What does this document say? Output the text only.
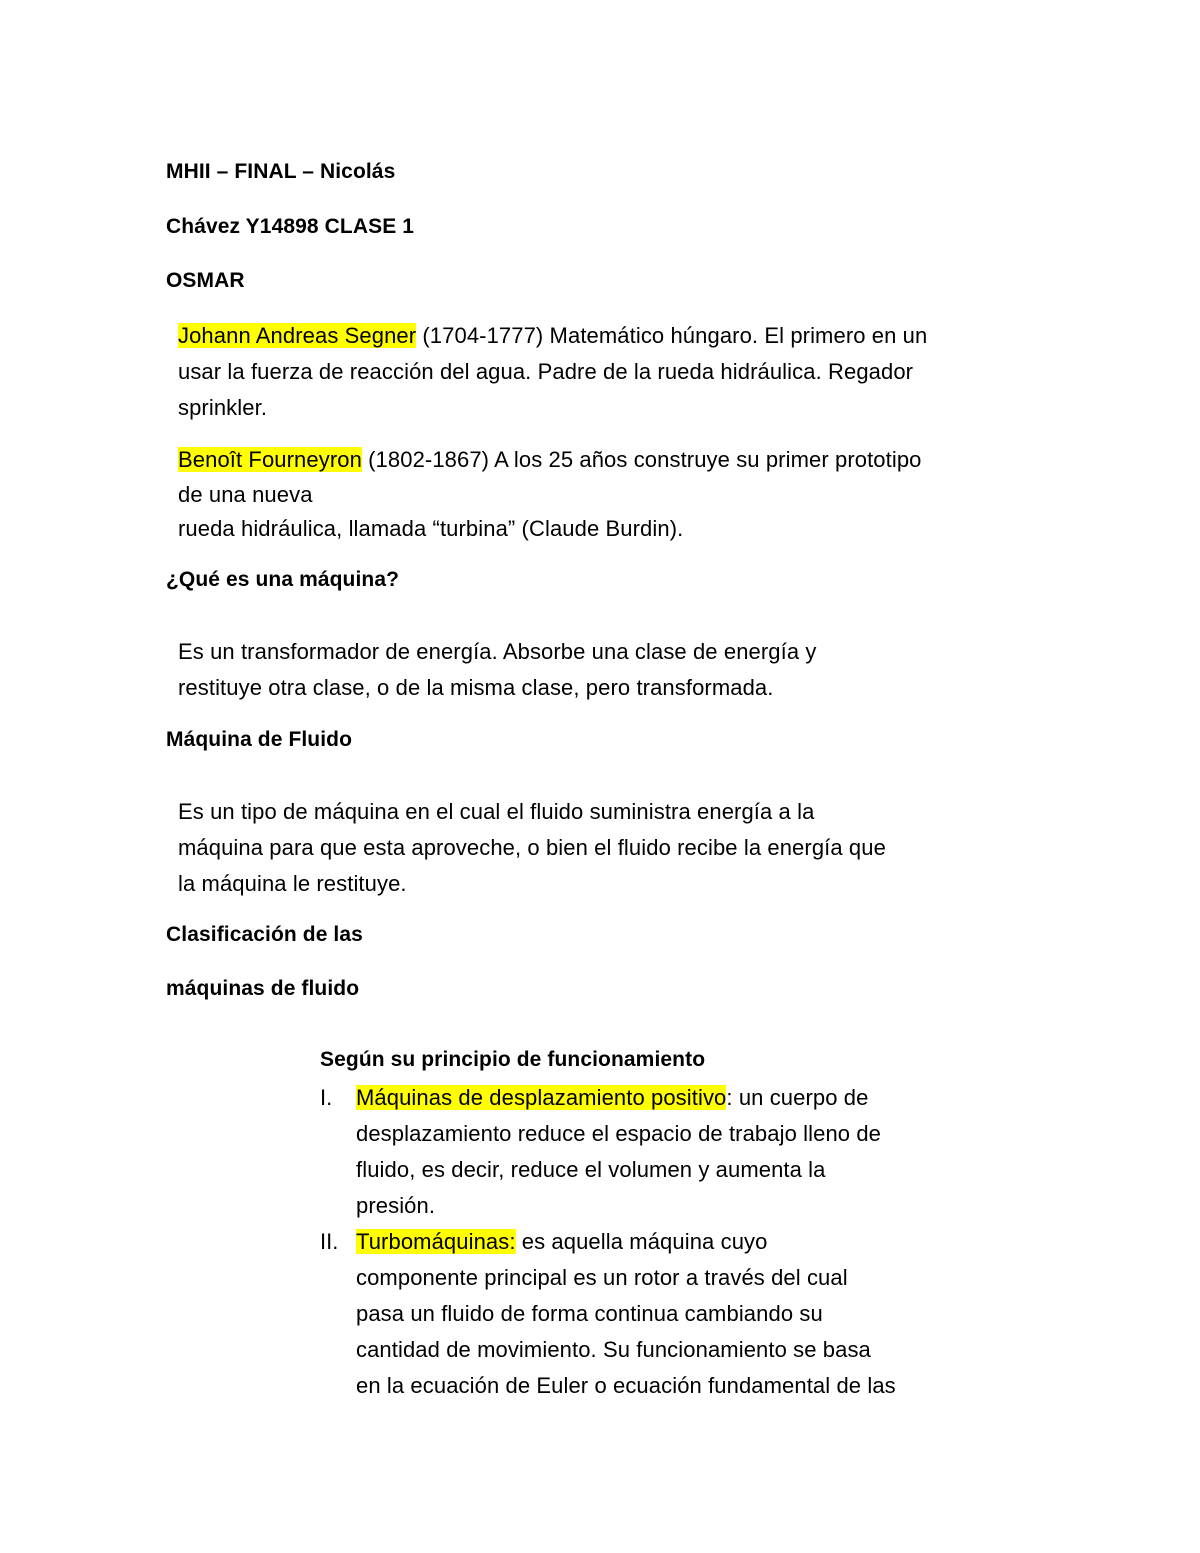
MHII – FINAL – Nicolás
Chávez Y14898 CLASE 1
OSMAR
Johann Andreas Segner (1704-1777) Matemático húngaro. El primero en un
usar la fuerza de reacción del agua. Padre de la rueda hidráulica. Regador
sprinkler.
Benoît Fourneyron (1802-1867) A los 25 años construye su primer prototipo
de una nueva
rueda hidráulica, llamada “turbina” (Claude Burdin).
¿Qué es una máquina?
Es un transformador de energía. Absorbe una clase de energía y
restituye otra clase, o de la misma clase, pero transformada.
Máquina de Fluido
Es un tipo de máquina en el cual el fluido suministra energía a la
máquina para que esta aproveche, o bien el fluido recibe la energía que
la máquina le restituye.
Clasificación de las
máquinas de fluido
Según su principio de funcionamiento
I. Máquinas de desplazamiento positivo: un cuerpo de
desplazamiento reduce el espacio de trabajo lleno de
fluido, es decir, reduce el volumen y aumenta la
presión.
II. Turbomáquinas: es aquella máquina cuyo
componente principal es un rotor a través del cual
pasa un fluido de forma continua cambiando su
cantidad de movimiento. Su funcionamiento se basa
en la ecuación de Euler o ecuación fundamental de las
